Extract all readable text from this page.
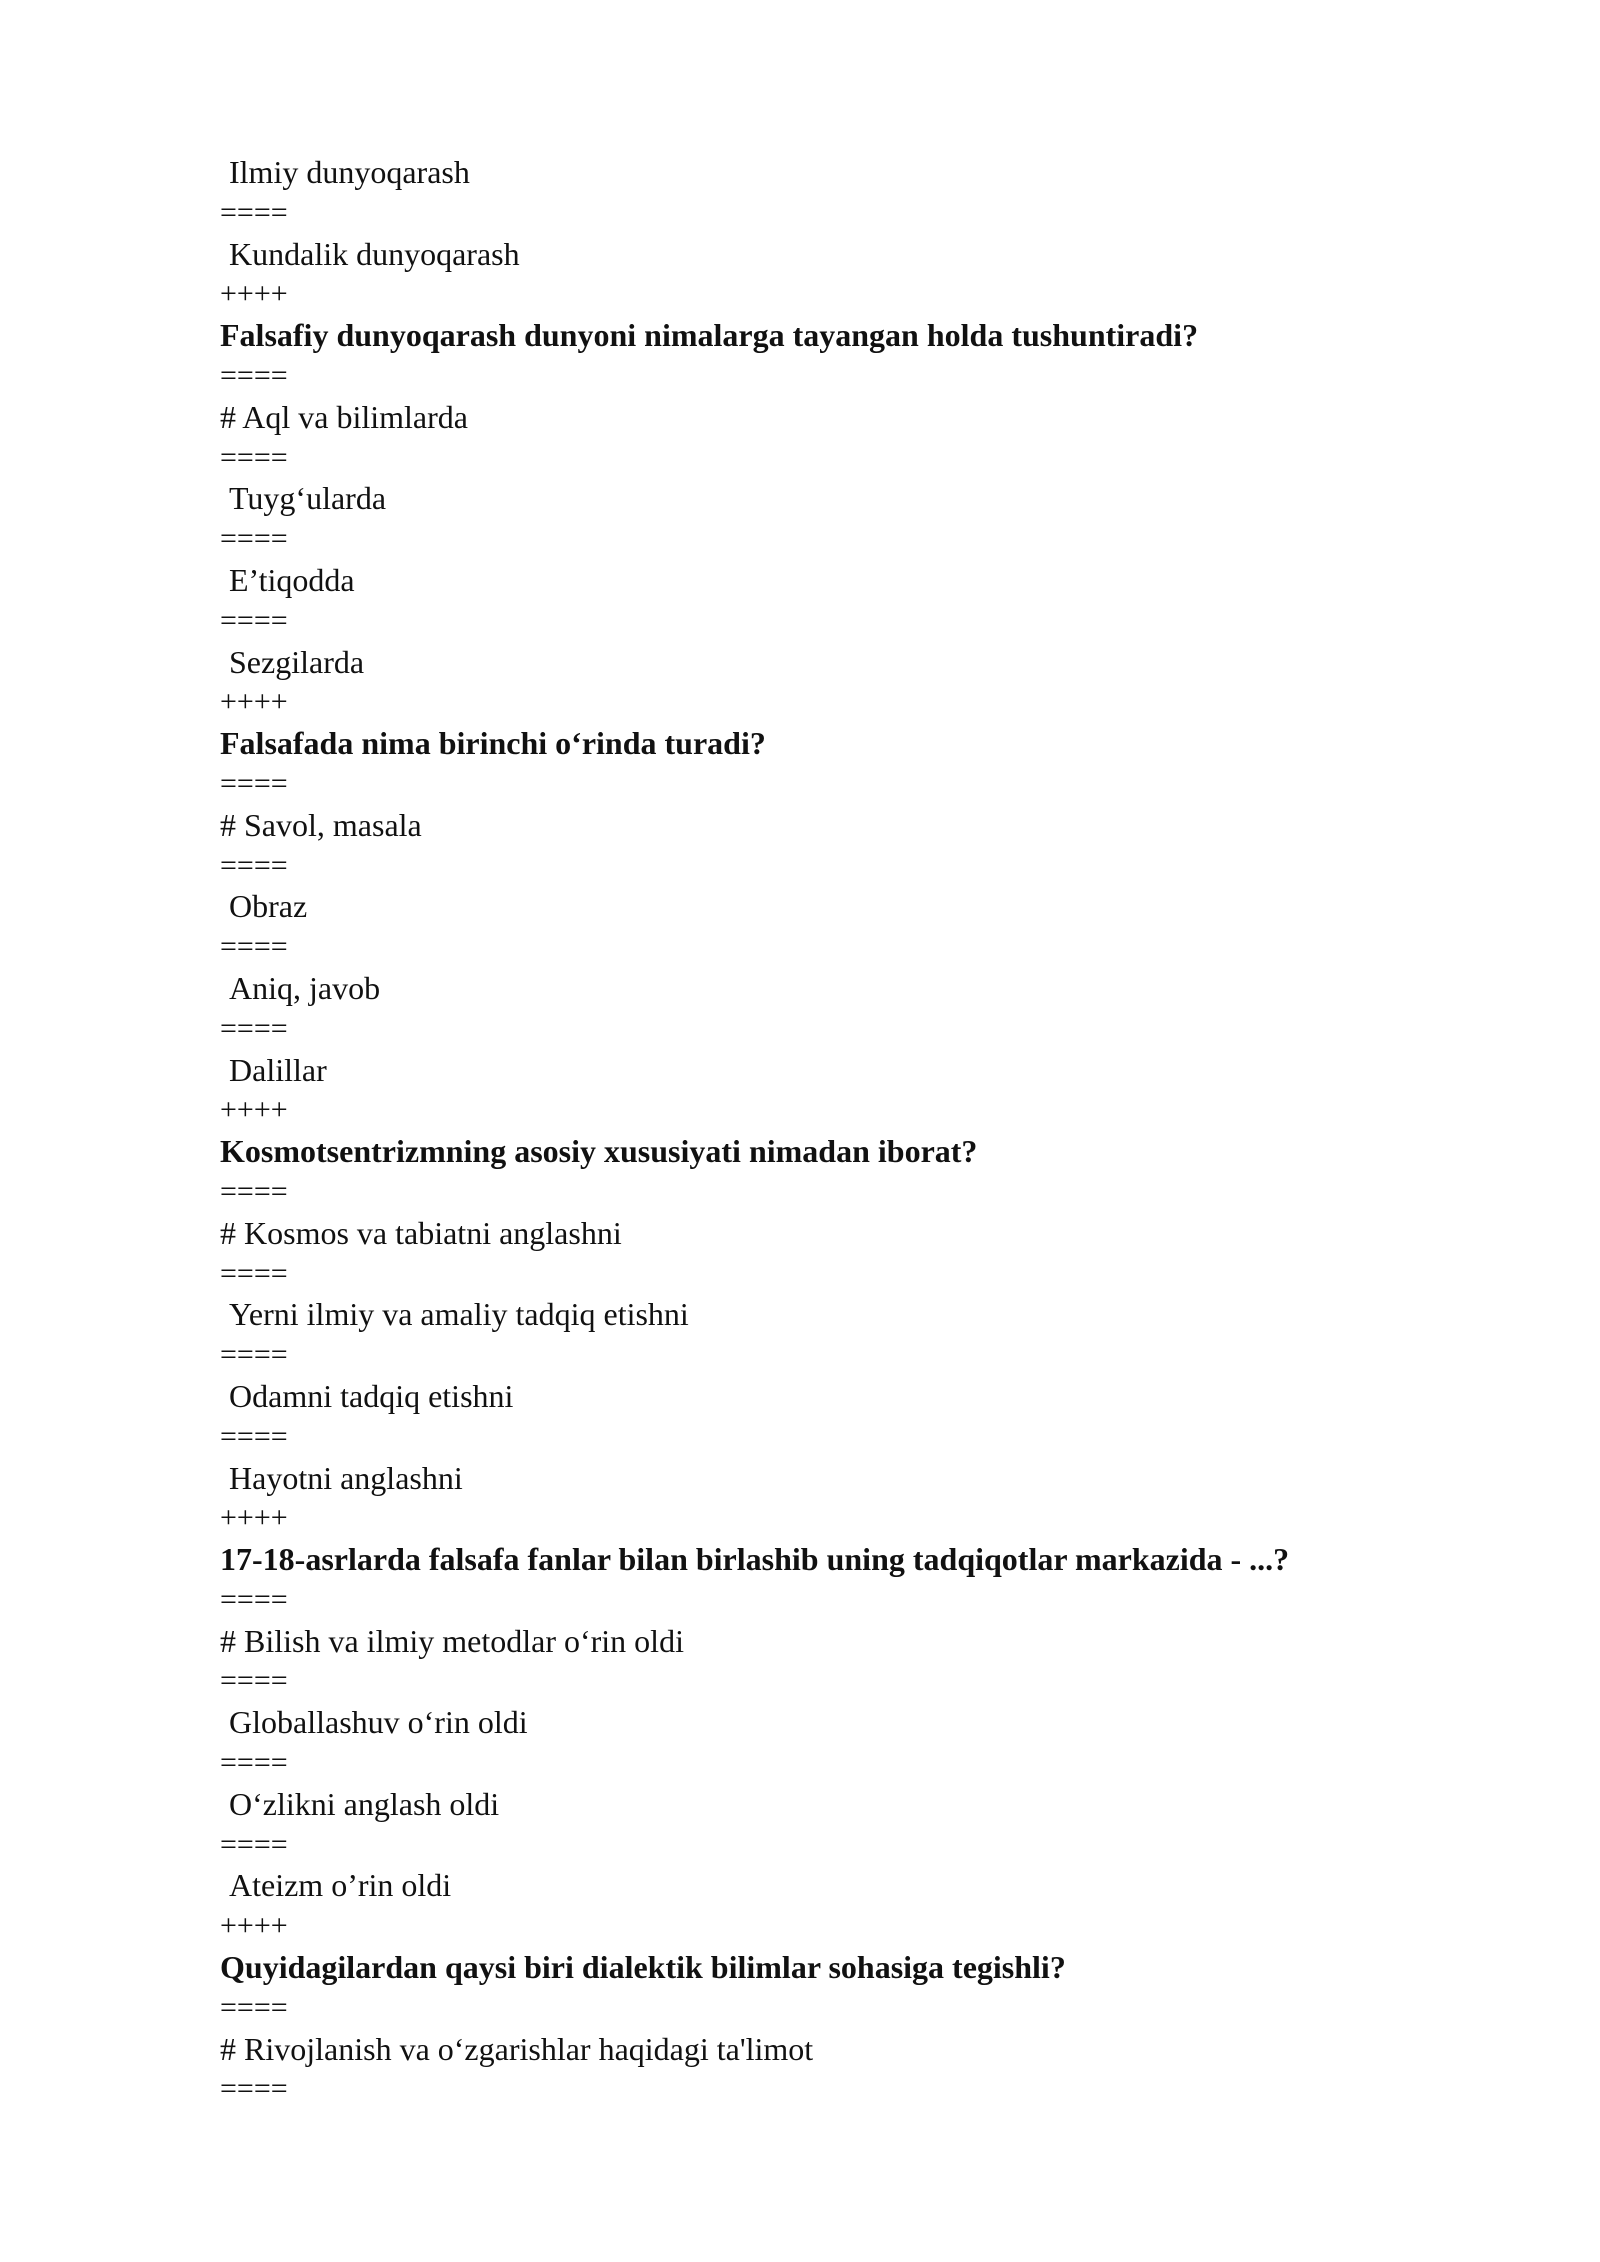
Ilmiy dunyoqarash
====
Kundalik dunyoqarash
++++
Falsafiy dunyoqarash dunyoni nimalarga tayangan holda tushuntiradi?
====
# Aql va bilimlarda
====
Tuyg‘ularda
====
E’tiqodda
====
Sezgilarda
++++
Falsafada nima birinchi o‘rinda turadi?
====
# Savol, masala
====
Obraz
====
Aniq, javob
====
Dalillar
++++
Kosmotsentrizmning asosiy xususiyati nimadan iborat?
====
# Kosmos va tabiatni anglashni
====
Yerni ilmiy va amaliy tadqiq etishni
====
Odamni tadqiq etishni
====
Hayotni anglashni
++++
17-18-asrlarda falsafa fanlar bilan birlashib uning tadqiqotlar markazida - ...?
====
# Bilish va ilmiy metodlar o‘rin oldi
====
Globallashuv o‘rin oldi
====
O‘zlikni anglash oldi
====
Ateizm o’rin oldi
++++
Quyidagilardan qaysi biri dialektik bilimlar sohasiga tegishli?
====
# Rivojlanish va o‘zgarishlar haqidagi ta'limot
====
